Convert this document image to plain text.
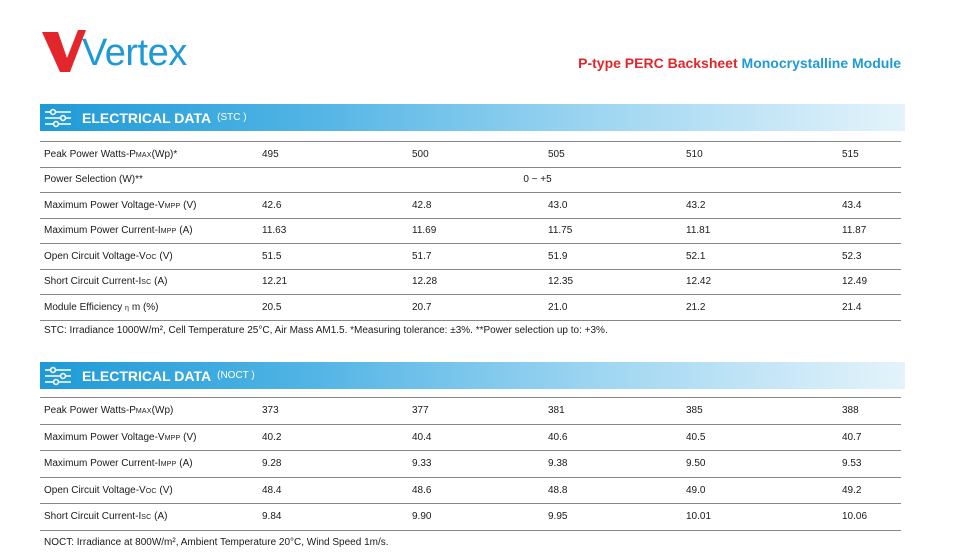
Vertex	P-type PERC Backsheet Monocrystalline Module
ELECTRICAL DATA (STC )
Peak Power Watts-PMAX(Wp)*	495	500	505	510	515
Power Selection (W)**	0 ~ +5				
Maximum Power Voltage-VMPP (V)	42.6	42.8	43.0	43.2	43.4
Maximum Power Current-IMPP (A)	11.63	11.69	11.75	11.81	11.87
Open Circuit Voltage-VOC (V)	51.5	51.7	51.9	52.1	52.3
Short Circuit Current-ISC (A)	12.21	12.28	12.35	12.42	12.49
Module Efficiency η m (%)	20.5	20.7	21.0	21.2	21.4
STC: Irradiance 1000W/m², Cell Temperature 25°C, Air Mass AM1.5. *Measuring tolerance: ±3%. **Power selection up to: +3%.
ELECTRICAL DATA (NOCT )
Peak Power Watts-PMAX(Wp)	373	377	381	385	388
Maximum Power Voltage-VMPP (V)	40.2	40.4	40.6	40.5	40.7
Maximum Power Current-IMPP (A)	9.28	9.33	9.38	9.50	9.53
Open Circuit Voltage-VOC (V)	48.4	48.6	48.8	49.0	49.2
Short Circuit Current-ISC (A)	9.84	9.90	9.95	10.01	10.06
NOCT: Irradiance at 800W/m², Ambient Temperature 20°C, Wind Speed 1m/s.
